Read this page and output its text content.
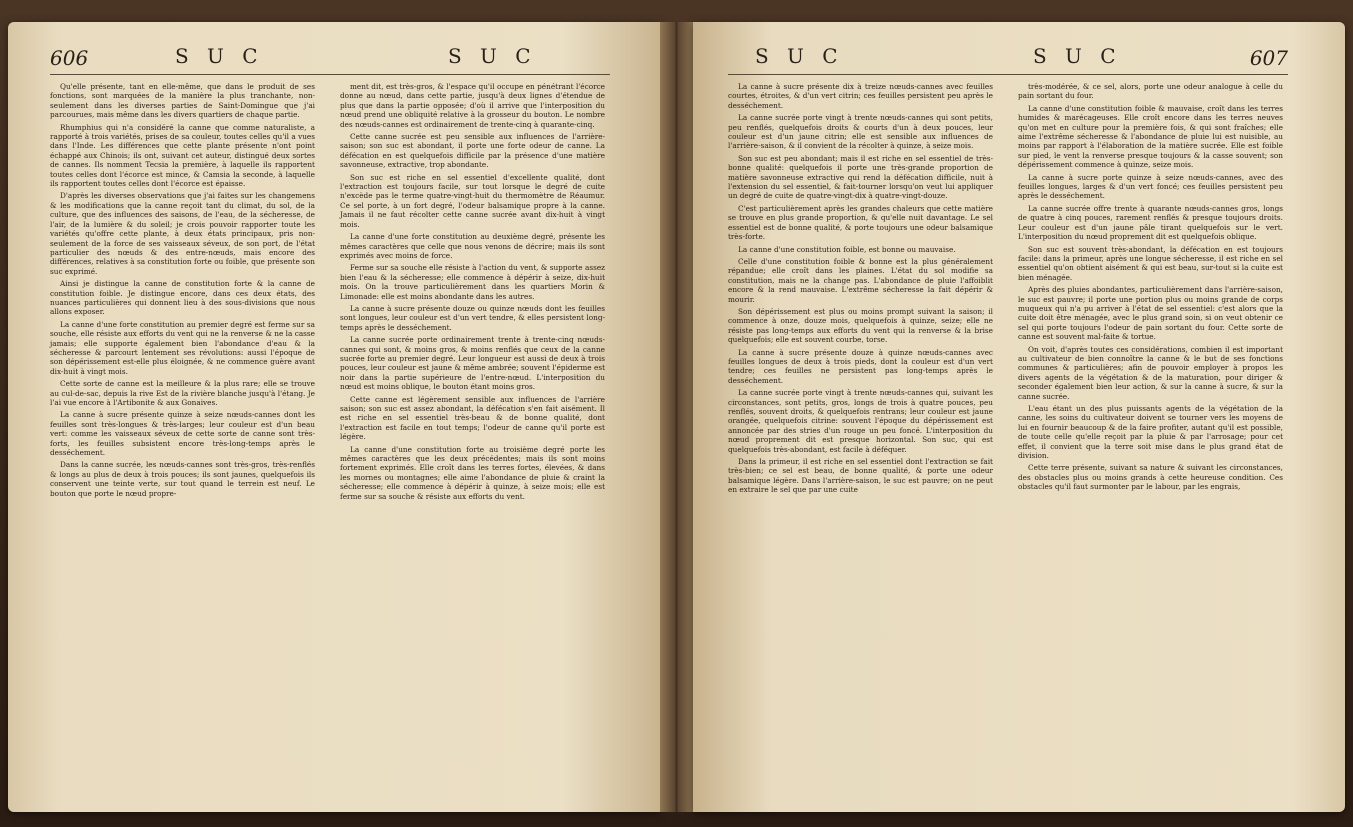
606	S U C	S U C

Qu'elle présente, tant en elle-même, que dans le produit de ses fonctions, sont marquées de la manière la plus tranchante, non-seulement dans les diverses parties de Saint-Domingue que j'ai parcourues, mais même dans les divers quartiers de chaque partie.

Rhumphius qui n'a considéré la canne que comme naturaliste, a rapporté à trois variétés, prises de sa couleur, toutes celles qu'il a vues dans l'Inde. Les différences que cette plante présente n'ont point échappé aux Chinois; ils ont, suivant cet auteur, distingué deux sortes de cannes. Ils nomment Tecsia la première, à laquelle ils rapportent toutes celles dont l'écorce est mince, & Camsia la seconde, à laquelle ils rapportent toutes celles dont l'écorce est épaisse.

D'après les diverses observations que j'ai faites sur les changemens & les modifications que la canne reçoit tant du climat, du sol, de la culture, que des influences des saisons, de l'eau, de la sécheresse, de l'air, de la lumière & du soleil; je crois pouvoir rapporter toute les variétés qu'offre cette plante, à deux états principaux, pris non-seulement de la force de ses vaisseaux séveux, de son port, de l'état particulier des nœuds & des entre-nœuds, mais encore des différences, relatives à sa constitution forte ou foible, que présente son suc exprimé.

Ainsi je distingue la canne de constitution forte & la canne de constitution foible. Je distingue encore, dans ces deux états, des nuances particulières qui donnent lieu à des sous-divisions que nous allons exposer.

La canne d'une forte constitution au premier degré est ferme sur sa souche, elle résiste aux efforts du vent qui ne la renverse & ne la casse jamais; elle supporte également bien l'abondance d'eau & la sécheresse & parcourt lentement ses révolutions: aussi l'époque de son dépérissement est-elle plus éloignée, & ne commence guère avant dix-huit à vingt mois.

Cette sorte de canne est la meilleure & la plus rare; elle se trouve au cul-de-sac, depuis la rive Est de la rivière blanche jusqu'à l'étang. Je l'ai vue encore à l'Artibonite & aux Gonaives.

La canne à sucre présente quinze à seize nœuds-cannes dont les feuilles sont très-longues & très-larges; leur couleur est d'un beau vert: comme les vaisseaux séveux de cette sorte de canne sont très-forts, les feuilles subsistent encore très-long-temps après le desséchement.

Dans la canne sucrée, les nœuds-cannes sont très-gros, très-renflés & longs au plus de deux à trois pouces; ils sont jaunes, quelquefois ils conservent une teinte verte, sur tout quand le terrein est neuf. Le bouton que porte le nœud propre-

ment dit, est très-gros, & l'espace qu'il occupe en pénétrant l'écorce donne au nœud, dans cette partie, jusqu'à deux lignes d'étendue de plus que dans la partie opposée; d'où il arrive que l'interposition du nœud prend une obliquité relative à la grosseur du bouton. Le nombre des nœuds-cannes est ordinairement de trente-cinq à quarante-cinq.

Cette canne sucrée est peu sensible aux influences de l'arrière-saison; son suc est abondant, il porte une forte odeur de canne. La défécation en est quelquefois difficile par la présence d'une matière savonneuse, extractive, trop abondante.

Son suc est riche en sel essentiel d'excellente qualité, dont l'extraction est toujours facile, sur tout lorsque le degré de cuite n'excède pas le terme quatre-vingt-huit du thermomètre de Réaumur. Ce sel porte, à un fort degré, l'odeur balsamique propre à la canne. Jamais il ne faut récolter cette canne sucrée avant dix-huit à vingt mois.

La canne d'une forte constitution au deuxième degré, présente les mêmes caractères que celle que nous venons de décrire; mais ils sont exprimés avec moins de force.

Ferme sur sa souche elle résiste à l'action du vent, & supporte assez bien l'eau & la sécheresse; elle commence à dépérir à seize, dix-huit mois. On la trouve particulièrement dans les quartiers Morin & Limonade: elle est moins abondante dans les autres.

La canne à sucre présente douze ou quinze nœuds dont les feuilles sont longues, leur couleur est d'un vert tendre, & elles persistent long-temps après le desséchement.

La canne sucrée porte ordinairement trente à trente-cinq nœuds-cannes qui sont, & moins gros, & moins renflés que ceux de la canne sucrée forte au premier degré. Leur longueur est aussi de deux à trois pouces, leur couleur est jaune & même ambrée; souvent l'épiderme est noir dans la partie supérieure de l'entre-nœud. L'interposition du nœud est moins oblique, le bouton étant moins gros.

Cette canne est légèrement sensible aux influences de l'arrière saison; son suc est assez abondant, la défécation s'en fait aisément. Il est riche en sel essentiel très-beau & de bonne qualité, dont l'extraction est facile en tout temps; l'odeur de canne qu'il porte est légère.

La canne d'une constitution forte au troisième degré porte les mêmes caractères que les deux précédentes; mais ils sont moins fortement exprimés. Elle croît dans les terres fortes, élevées, & dans les mornes ou montagnes; elle aime l'abondance de pluie & craint la sécheresse; elle commence à dépérir à quinze, à seize mois; elle est ferme sur sa souche & résiste aux efforts du vent.

S U C	S U C	607

La canne à sucre présente dix à treize nœuds-cannes avec feuilles courtes, étroites, & d'un vert citrin; ces feuilles persistent peu après le desséchement.

La canne sucrée porte vingt à trente nœuds-cannes qui sont petits, peu renflés, quelquefois droits & courts d'un à deux pouces, leur couleur est d'un jaune citrin; elle est sensible aux influences de l'arrière-saison, & il convient de la récolter à quinze, à seize mois.

Son suc est peu abondant; mais il est riche en sel essentiel de très-bonne qualité: quelquefois il porte une très-grande proportion de matière savonneuse extractive qui rend la défécation difficile, nuit à l'extension du sel essentiel, & fait-tourner lorsqu'on veut lui appliquer un degré de cuite de quatre-vingt-dix à quatre-vingt-douze.

C'est particulièrement après les grandes chaleurs que cette matière se trouve en plus grande proportion, & qu'elle nuit davantage. Le sel essentiel est de bonne qualité, & porte toujours une odeur balsamique très-forte.

La canne d'une constitution foible, est bonne ou mauvaise.

Celle d'une constitution foible & bonne est la plus généralement répandue; elle croît dans les plaines. L'état du sol modifie sa constitution, mais ne la change pas. L'abondance de pluie l'affoiblit encore & la rend mauvaise. L'extrême sécheresse la fait dépérir & mourir.

Son dépérissement est plus ou moins prompt suivant la saison; il commence à onze, douze mois, quelquefois à quinze, seize; elle ne résiste pas long-temps aux efforts du vent qui la renverse & la brise quelquefois; elle est souvent courbe, torse.

La canne à sucre présente douze à quinze nœuds-cannes avec feuilles longues de deux à trois pieds, dont la couleur est d'un vert tendre; ces feuilles ne persistent pas long-temps après le desséchement.

La canne sucrée porte vingt à trente nœuds-cannes qui, suivant les circonstances, sont petits, gros, longs de trois à quatre pouces, peu renflés, souvent droits, & quelquefois rentrans; leur couleur est jaune orangée, quelquefois citrine: souvent l'époque du dépérissement est annoncée par des stries d'un rouge un peu foncé. L'interposition du nœud proprement dit est presque horizontal. Son suc, qui est quelquefois très-abondant, est facile à déféquer.

Dans la primeur, il est riche en sel essentiel dont l'extraction se fait très-bien; ce sel est beau, de bonne qualité, & porte une odeur balsamique légère. Dans l'arrière-saison, le suc est pauvre; on ne peut en extraire le sel que par une cuite

très-modérée, & ce sel, alors, porte une odeur analogue à celle du pain sortant du four.

La canne d'une constitution foible & mauvaise, croît dans les terres humides & marécageuses. Elle croît encore dans les terres neuves qu'on met en culture pour la première fois, & qui sont fraîches; elle aime l'extrême sécheresse & l'abondance de pluie lui est nuisible, au moins par rapport à l'élaboration de la matière sucrée. Elle est foible sur pied, le vent la renverse presque toujours & la casse souvent; son dépérissement commence à quinze, seize mois.

La canne à sucre porte quinze à seize nœuds-cannes, avec des feuilles longues, larges & d'un vert foncé; ces feuilles persistent peu après le desséchement.

La canne sucrée offre trente à quarante nœuds-cannes gros, longs de quatre à cinq pouces, rarement renflés & presque toujours droits. Leur couleur est d'un jaune pâle tirant quelquefois sur le vert. L'interposition du nœud proprement dit est quelquefois oblique.

Son suc est souvent très-abondant, la défécation en est toujours facile: dans la primeur, après une longue sécheresse, il est riche en sel essentiel qu'on obtient aisément & qui est beau, sur-tout si la cuite est bien ménagée.

Après des pluies abondantes, particulièrement dans l'arrière-saison, le suc est pauvre; il porte une portion plus ou moins grande de corps muqueux qui n'a pu arriver à l'état de sel essentiel: c'est alors que la cuite doit être ménagée, avec le plus grand soin, si on veut obtenir ce sel qui porte toujours l'odeur de pain sortant du four. Cette sorte de canne est souvent mal-faite & tortue.

On voit, d'après toutes ces considérations, combien il est important au cultivateur de bien connoître la canne & le but de ses fonctions communes & particulières; afin de pouvoir employer à propos les divers agents de la végétation & de la maturation, pour diriger & seconder également bien leur action, & sur la canne à sucre, & sur la canne sucrée.

L'eau étant un des plus puissants agents de la végétation de la canne, les soins du cultivateur doivent se tourner vers les moyens de lui en fournir beaucoup & de la faire profiter, autant qu'il est possible, de toute celle qu'elle reçoit par la pluie & par l'arrosage; pour cet effet, il convient que la terre soit mise dans le plus grand état de division.

Cette terre présente, suivant sa nature & suivant les circonstances, des obstacles plus ou moins grands à cette heureuse condition. Ces obstacles qu'il faut surmonter par le labour, par les engrais,
